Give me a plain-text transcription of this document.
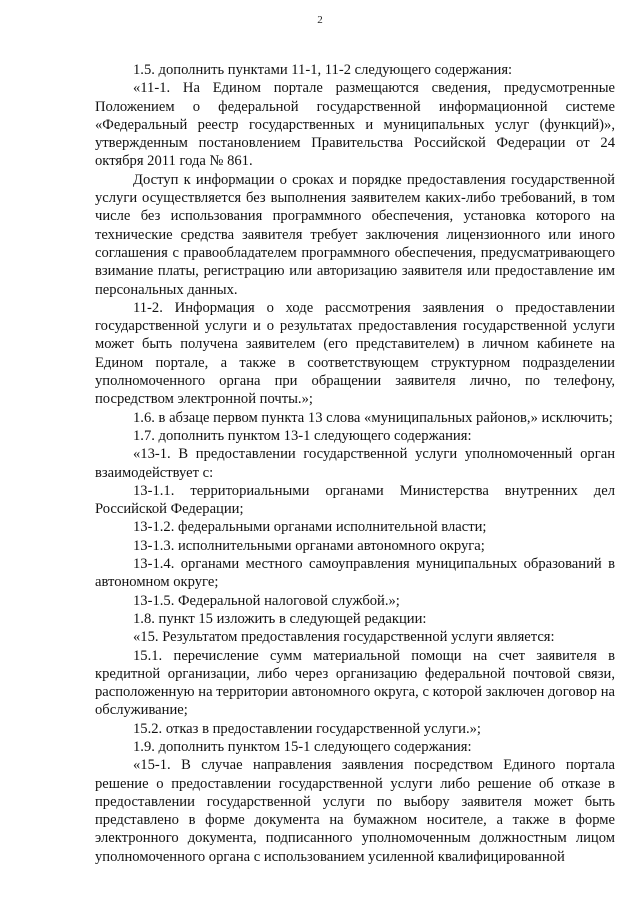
2

1.5. дополнить пунктами 11-1, 11-2 следующего содержания:

«11-1. На Едином портале размещаются сведения, предусмотренные Положением о федеральной государственной информационной системе «Федеральный реестр государственных и муниципальных услуг (функций)», утвержденным постановлением Правительства Российской Федерации от 24 октября 2011 года № 861.

Доступ к информации о сроках и порядке предоставления государственной услуги осуществляется без выполнения заявителем каких-либо требований, в том числе без использования программного обеспечения, установка которого на технические средства заявителя требует заключения лицензионного или иного соглашения с правообладателем программного обеспечения, предусматривающего взимание платы, регистрацию или авторизацию заявителя или предоставление им персональных данных.

11-2. Информация о ходе рассмотрения заявления о предоставлении государственной услуги и о результатах предоставления государственной услуги может быть получена заявителем (его представителем) в личном кабинете на Едином портале, а также в соответствующем структурном подразделении уполномоченного органа при обращении заявителя лично, по телефону, посредством электронной почты.»;

1.6. в абзаце первом пункта 13 слова «муниципальных районов,» исключить;

1.7. дополнить пунктом 13-1 следующего содержания:

«13-1. В предоставлении государственной услуги уполномоченный орган взаимодействует с:

13-1.1. территориальными органами Министерства внутренних дел Российской Федерации;

13-1.2. федеральными органами исполнительной власти;

13-1.3. исполнительными органами автономного округа;

13-1.4. органами местного самоуправления муниципальных образований в автономном округе;

13-1.5. Федеральной налоговой службой.»;

1.8. пункт 15 изложить в следующей редакции:

«15. Результатом предоставления государственной услуги является:

15.1. перечисление сумм материальной помощи на счет заявителя в кредитной организации, либо через организацию федеральной почтовой связи, расположенную на территории автономного округа, с которой заключен договор на обслуживание;

15.2. отказ в предоставлении государственной услуги.»;

1.9. дополнить пунктом 15-1 следующего содержания:

«15-1. В случае направления заявления посредством Единого портала решение о предоставлении государственной услуги либо решение об отказе в предоставлении государственной услуги по выбору заявителя может быть представлено в форме документа на бумажном носителе, а также в форме электронного документа, подписанного уполномоченным должностным лицом уполномоченного органа с использованием усиленной квалифицированной
